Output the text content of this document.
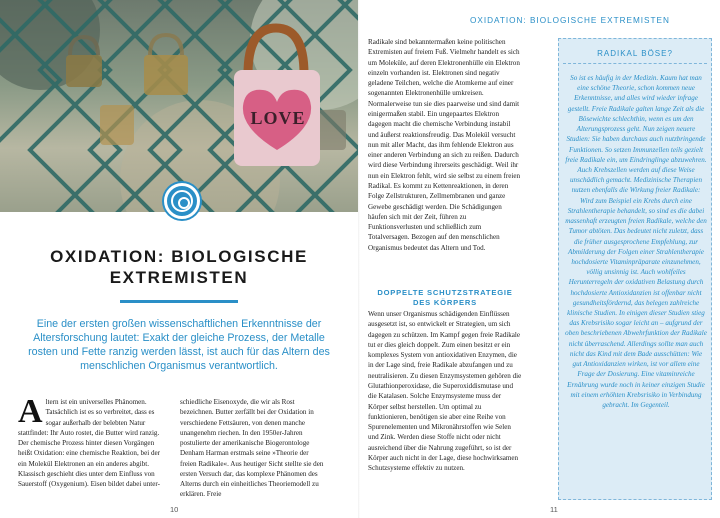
LOVE
OXIDATION: BIOLOGISCHE
EXTREMISTEN
Eine der ersten großen wissenschaftlichen Erkenntnisse der Altersforschung lautet: Exakt der gleiche Prozess, der Metalle rosten und Fette ranzig werden lässt, ist auch für das Altern des menschlichen Organismus verantwortlich.
A ltern ist ein universelles Phänomen. Tatsächlich ist es so verbreitet, dass es sogar außerhalb der belebten Natur stattfindet: Ihr Auto rostet, die Butter wird ranzig. Der chemische Prozess hinter diesen Vorgängen heißt Oxidation: eine chemische Reaktion, bei der ein Molekül Elektronen an ein anderes abgibt. Klassisch geschieht dies unter dem Einfluss von Sauerstoff (Oxygenium). Eisen bildet dabei unter-

schiedliche Eisenoxyde, die wir als Rost bezeichnen. Butter zerfällt bei der Oxidation in verschiedene Fettsäuren, von denen manche unangenehm riechen. In den 1950er-Jahren postulierte der amerikanische Biogerontologe Denham Harman erstmals seine »Theorie der freien Radikale«. Aus heutiger Sicht stellte sie den ersten Versuch dar, das komplexe Phänomen des Alterns durch ein einheitliches Theoriemodell zu erklären. Freie

10
OXIDATION: BIOLOGISCHE EXTREMISTEN

Radikale sind bekanntermaßen keine politischen Extremisten auf freiem Fuß. Vielmehr handelt es sich um Moleküle, auf deren Elektronenhülle ein Elektron einzeln vorhanden ist. Elektronen sind negativ geladene Teilchen, welche die Atomkerne auf einer sogenannten Elektronenhülle umkreisen. Normalerweise tun sie dies paarweise und sind damit einigermaßen stabil. Ein ungepaartes Elektron dagegen macht die chemische Verbindung instabil und äußerst reaktionsfreudig. Das Molekül versucht nun mit aller Macht, das ihm fehlende Elektron aus einer anderen Verbindung an sich zu reißen. Dadurch wird diese Verbindung ihrerseits geschädigt. Weil ihr nun ein Elektron fehlt, wird sie selbst zu einem freien Radikal. Es kommt zu Kettenreaktionen, in deren Folge Zellstrukturen, Zellmembranen und ganze Gewebe geschädigt werden. Die Schädigungen häufen sich mit der Zeit, führen zu Funktionsverlusten und schließlich zum Totalversagen. Bezogen auf den menschlichen Organismus bedeutet das Altern und Tod.

DOPPELTE SCHUTZSTRATEGIE
DES KÖRPERS

Wenn unser Organismus schädigenden Einflüssen ausgesetzt ist, so entwickelt er Strategien, um sich dagegen zu schützen. Im Kampf gegen freie Radikale tut er dies gleich doppelt. Zum einen besitzt er ein komplexes System von antioxidativen Enzymen, die in der Lage sind, freie Radikale abzufangen und zu neutralisieren. Zu diesen Enzymsystemen gehören die Glutathionperoxidase, die Superoxiddismutase und die Katalasen. Solche Enzymsysteme muss der Körper selbst herstellen. Um optimal zu funktionieren, benötigen sie aber eine Reihe von Spurenelementen und Mikronährstoffen wie Selen und Zink. Werden diese Stoffe nicht oder nicht ausreichend über die Nahrung zugeführt, so ist der Körper auch nicht in der Lage, diese hochwirksamen Schutzsysteme effektiv zu nutzen.

RADIKAL BÖSE?
So ist es häufig in der Medizin. Kaum hat man eine schöne Theorie, schon kommen neue Erkenntnisse, und alles wird wieder infrage gestellt. Freie Radikale galten lange Zeit als die Bösewichte schlechthin, wenn es um den Alterungsprozess geht. Nun zeigen neuere Studien: Sie haben durchaus auch nutzbringende Funktionen. So setzen Immunzellen teils gezielt freie Radikale ein, um Eindringlinge abzuwehren. Auch Krebszellen werden auf diese Weise unschädlich gemacht. Medizinische Therapien nutzen ebenfalls die Wirkung freier Radikale: Wird zum Beispiel ein Krebs durch eine Strahlentherapie behandelt, so sind es die dabei massenhaft erzeugten freien Radikale, welche den Tumor abtöten. Das bedeutet nicht zuletzt, dass die früher ausgesprochene Empfehlung, zur Abmilderung der Folgen einer Strahlentherapie hochdosierte Vitaminpräparate einzunehmen, völlig unsinnig ist. Auch wohlfeiles Herunterregeln der oxidativen Belastung durch hochdosierte Antioxidanzien ist offenbar nicht gesundheitsfördernd, das belegen zahlreiche klinische Studien. In einigen dieser Studien stieg das Krebsrisiko sogar leicht an – aufgrund der oben beschriebenen Abwehrfunktion der Radikale nicht überraschend. Allerdings sollte man auch nicht das Kind mit dem Bade ausschütten: Wie gut Antioxidanzien wirken, ist vor allem eine Frage der Dosierung. Eine vitaminreiche Ernährung wurde noch in keiner einzigen Studie mit einem erhöhten Krebsrisiko in Verbindung gebracht. Im Gegenteil.
11
